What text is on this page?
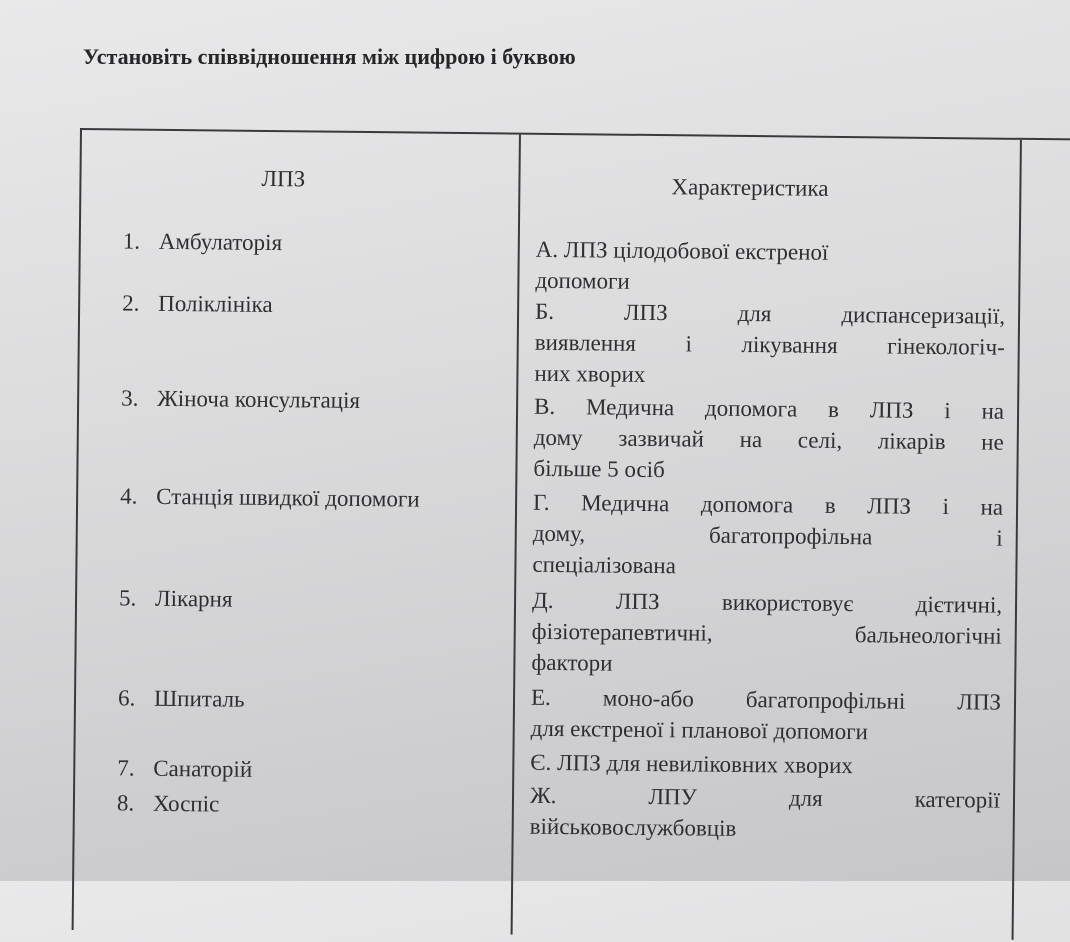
Установіть співвідношення між цифрою і буквою
ЛПЗ	Характеристика
1. Амбулаторія
2. Поліклініка
3. Жіноча консультація
4. Станція швидкої допомоги
5. Лікарня
6. Шпиталь
7. Санаторій
8. Хоспіс
А. ЛПЗ цілодобової екстреної
допомоги
Б. ЛПЗ для диспансеризації,
виявлення і лікування гінекологіч-
них хворих
В. Медична допомога в ЛПЗ і на
дому зазвичай на селі, лікарів не
більше 5 осіб
Г. Медична допомога в ЛПЗ і на
дому, багатопрофільна і
спеціалізована
Д. ЛПЗ використовує дієтичні,
фізіотерапевтичні, бальнеологічні
фактори
Е. моно-або багатопрофільні ЛПЗ
для екстреної і планової допомоги
Є. ЛПЗ для невиліковних хворих
Ж. ЛПУ для категорії
військовослужбовців
